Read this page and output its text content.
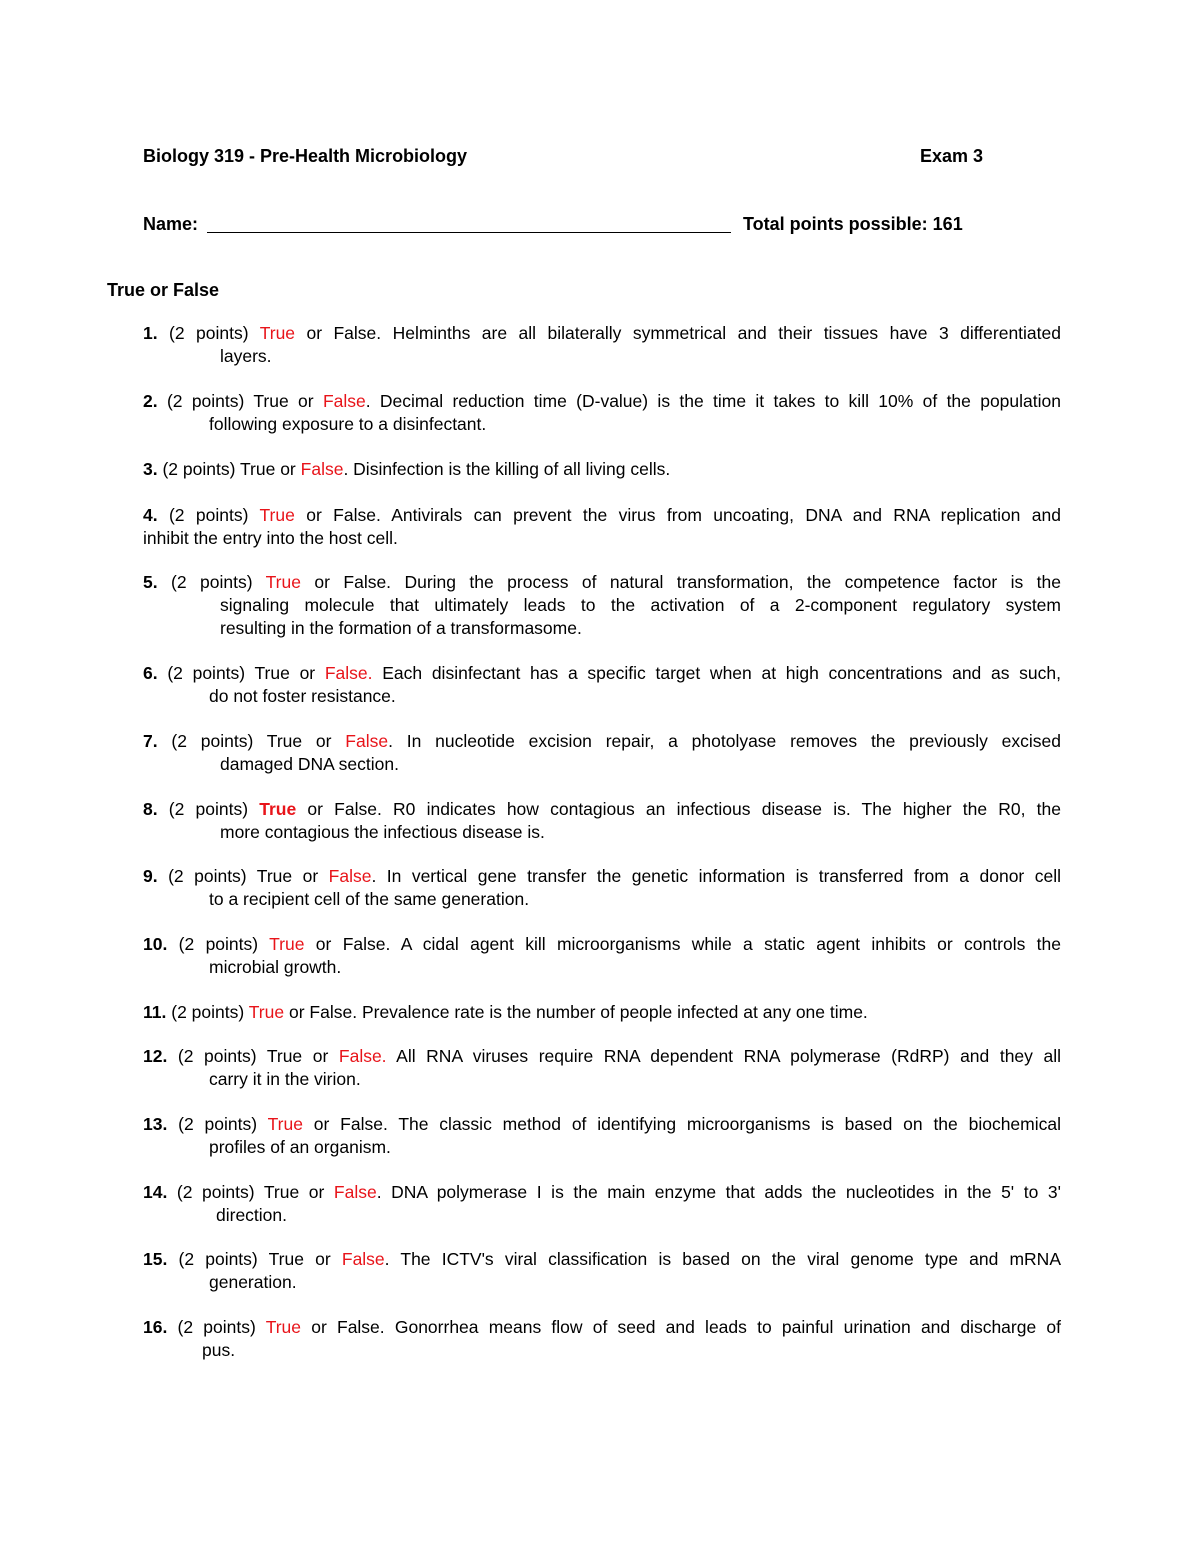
Biology 319 - Pre-Health Microbiology	Exam 3
Name:	Total points possible: 161
True or False
1. (2 points) True or False. Helminths are all bilaterally symmetrical and their tissues have 3 differentiated
layers.
2. (2 points) True or False. Decimal reduction time (D-value) is the time it takes to kill 10% of the population
following exposure to a disinfectant.
3. (2 points) True or False. Disinfection is the killing of all living cells.
4. (2 points) True or False. Antivirals can prevent the virus from uncoating, DNA and RNA replication and
inhibit the entry into the host cell.
5. (2 points) True or False. During the process of natural transformation, the competence factor is the
signaling molecule that ultimately leads to the activation of a 2-component regulatory system
resulting in the formation of a transformasome.
6. (2 points) True or False. Each disinfectant has a specific target when at high concentrations and as such,
do not foster resistance.
7. (2 points) True or False. In nucleotide excision repair, a photolyase removes the previously excised
damaged DNA section.
8. (2 points) True or False. R0 indicates how contagious an infectious disease is. The higher the R0, the
more contagious the infectious disease is.
9. (2 points) True or False. In vertical gene transfer the genetic information is transferred from a donor cell
to a recipient cell of the same generation.
10. (2 points) True or False. A cidal agent kill microorganisms while a static agent inhibits or controls the
microbial growth.
11. (2 points) True or False. Prevalence rate is the number of people infected at any one time.
12. (2 points) True or False. All RNA viruses require RNA dependent RNA polymerase (RdRP) and they all
carry it in the virion.
13. (2 points) True or False. The classic method of identifying microorganisms is based on the biochemical
profiles of an organism.
14. (2 points) True or False. DNA polymerase I is the main enzyme that adds the nucleotides in the 5' to 3'
direction.
15. (2 points) True or False. The ICTV's viral classification is based on the viral genome type and mRNA
generation.
16. (2 points) True or False. Gonorrhea means flow of seed and leads to painful urination and discharge of
pus.
